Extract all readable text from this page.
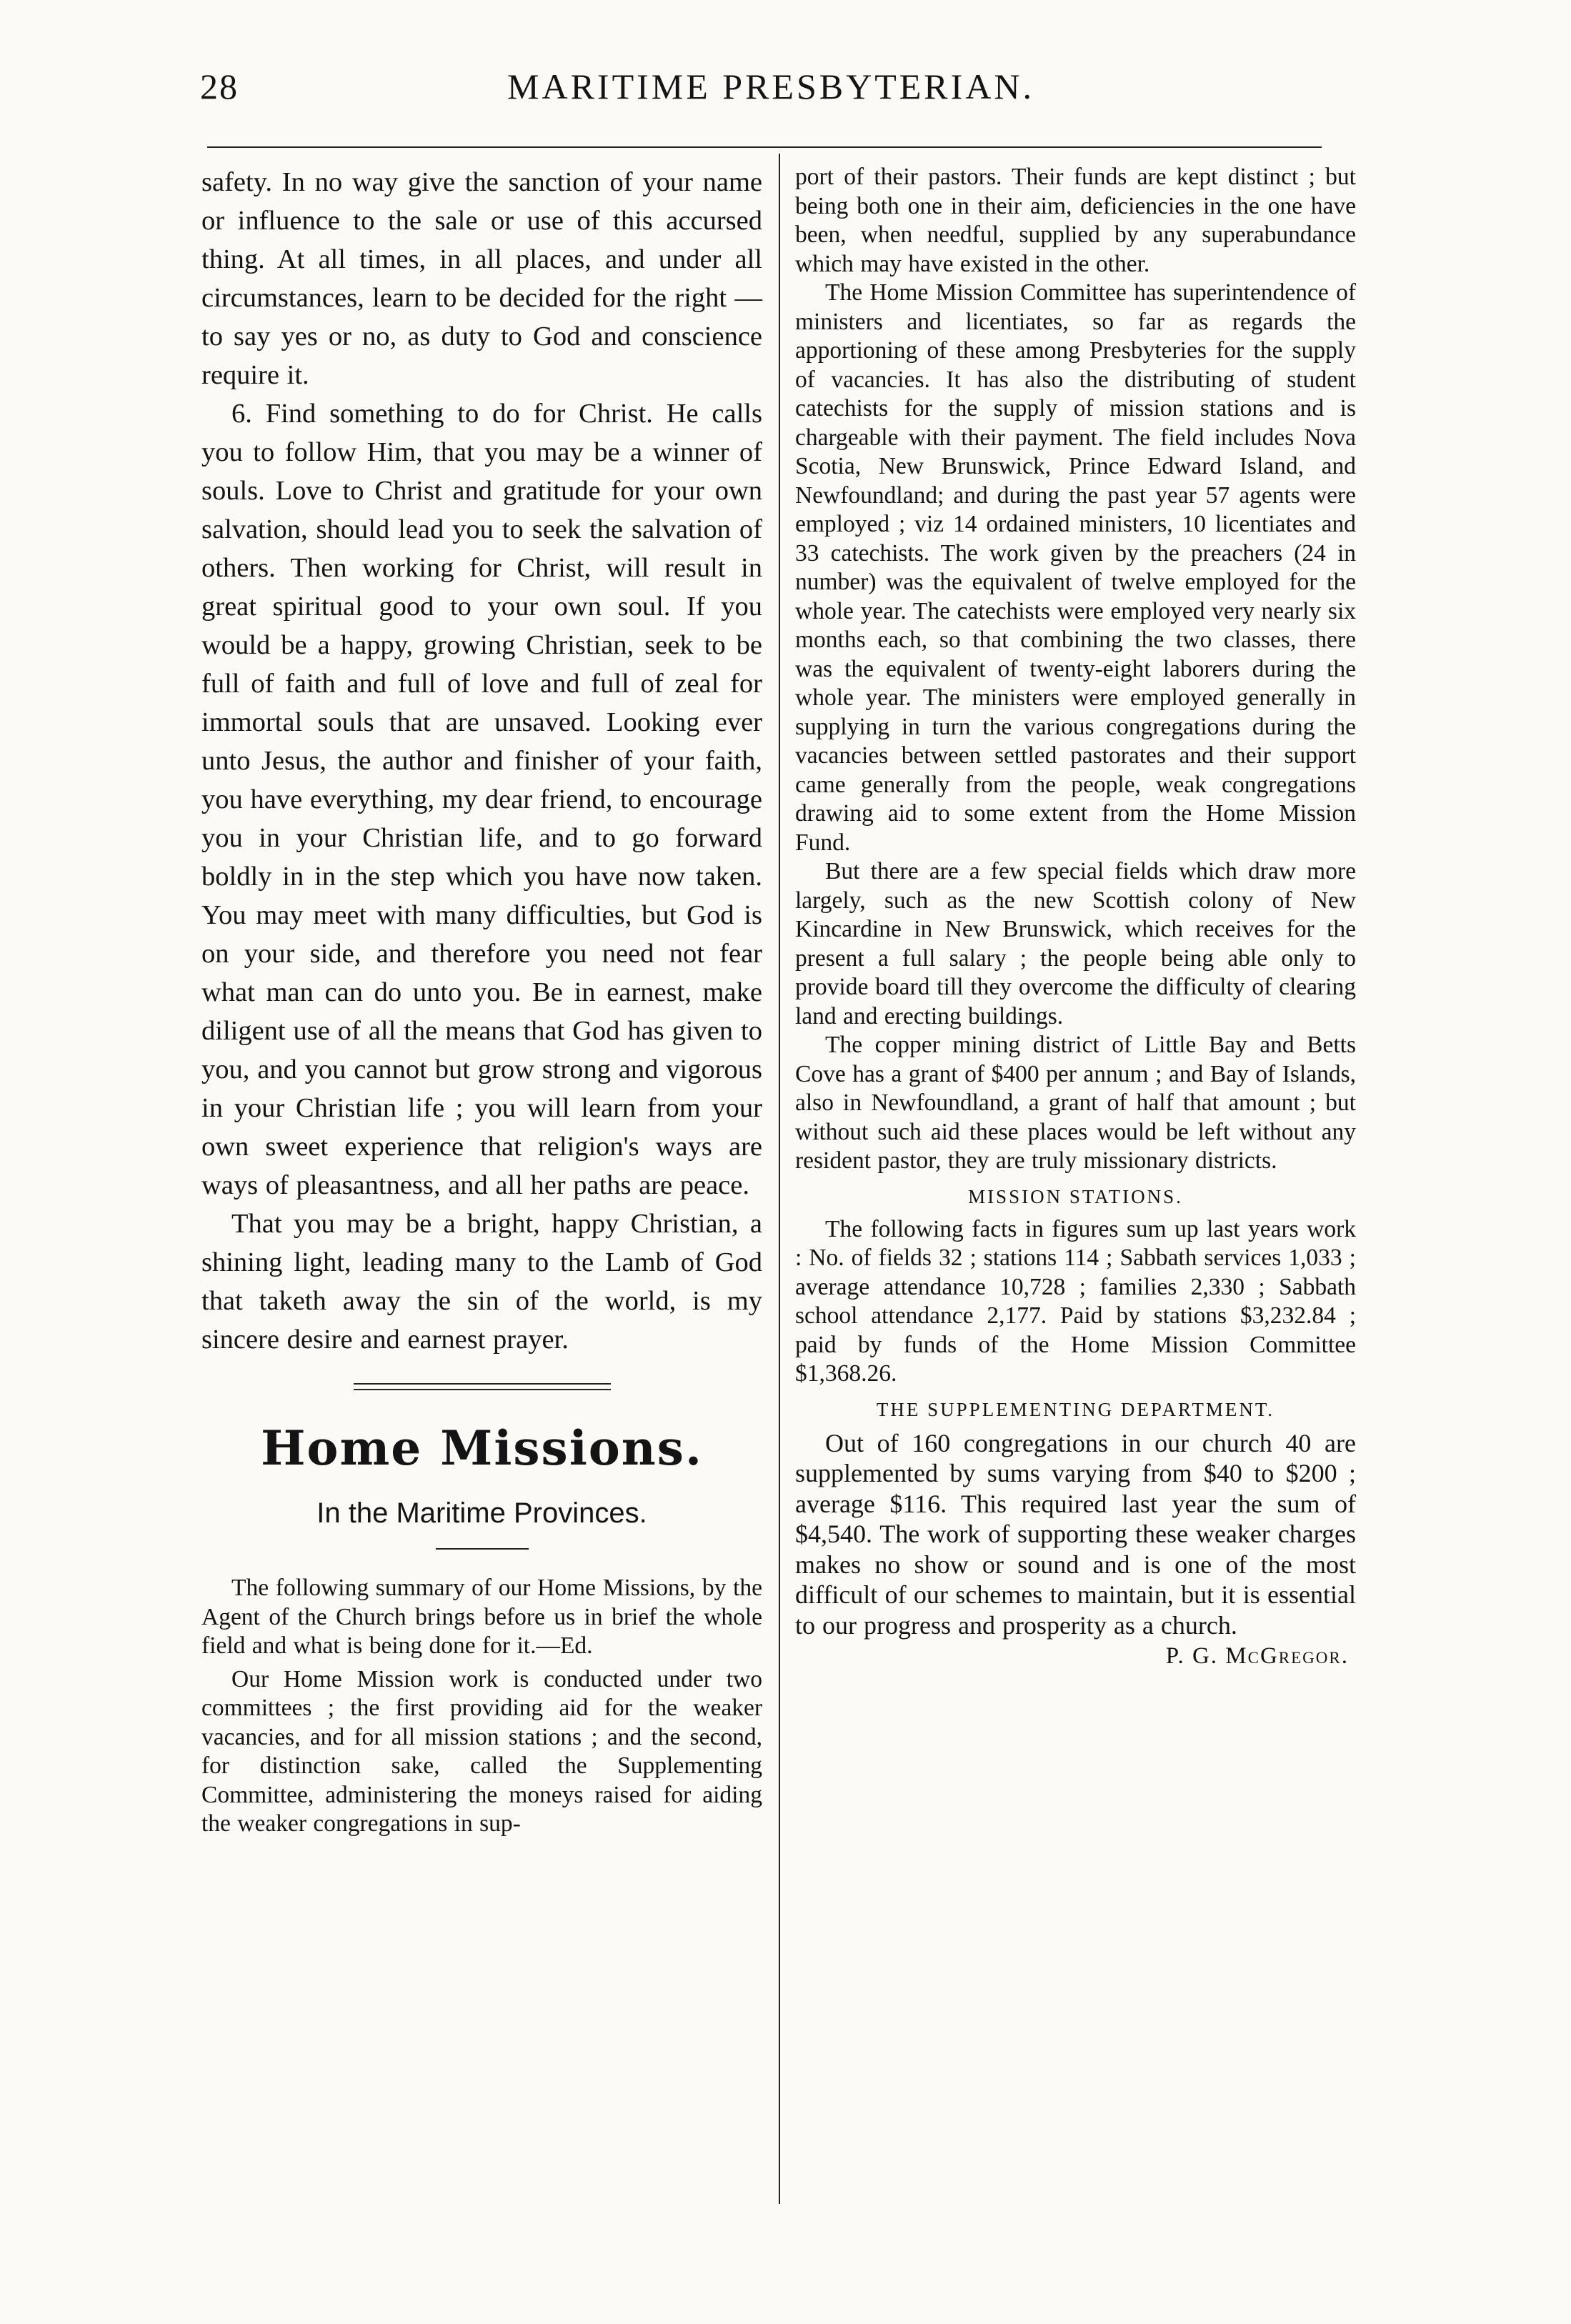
28	MARITIME PRESBYTERIAN.

safety. In no way give the sanction of your name or influence to the sale or use of this accursed thing. At all times, in all places, and under all circumstances, learn to be decided for the right —to say yes or no, as duty to God and conscience require it.

6. Find something to do for Christ. He calls you to follow Him, that you may be a winner of souls. Love to Christ and gratitude for your own salvation, should lead you to seek the salvation of others. Then working for Christ, will result in great spiritual good to your own soul. If you would be a happy, growing Christian, seek to be full of faith and full of love and full of zeal for immortal souls that are unsaved. Looking ever unto Jesus, the author and finisher of your faith, you have everything, my dear friend, to encourage you in your Christian life, and to go forward boldly in in the step which you have now taken. You may meet with many difficulties, but God is on your side, and therefore you need not fear what man can do unto you. Be in earnest, make diligent use of all the means that God has given to you, and you cannot but grow strong and vigorous in your Christian life ; you will learn from your own sweet experience that religion's ways are ways of pleasantness, and all her paths are peace.

That you may be a bright, happy Christian, a shining light, leading many to the Lamb of God that taketh away the sin of the world, is my sincere desire and earnest prayer.

Home Missions.
In the Maritime Provinces.

The following summary of our Home Missions, by the Agent of the Church brings before us in brief the whole field and what is being done for it.—Ed.

Our Home Mission work is conducted under two committees ; the first providing aid for the weaker vacancies, and for all mission stations ; and the second, for distinction sake, called the Supplementing Committee, administering the moneys raised for aiding the weaker congregations in sup-

port of their pastors. Their funds are kept distinct ; but being both one in their aim, deficiencies in the one have been, when needful, supplied by any superabundance which may have existed in the other.

The Home Mission Committee has superintendence of ministers and licentiates, so far as regards the apportioning of these among Presbyteries for the supply of vacancies. It has also the distributing of student catechists for the supply of mission stations and is chargeable with their payment. The field includes Nova Scotia, New Brunswick, Prince Edward Island, and Newfoundland; and during the past year 57 agents were employed ; viz 14 ordained ministers, 10 licentiates and 33 catechists. The work given by the preachers (24 in number) was the equivalent of twelve employed for the whole year. The catechists were employed very nearly six months each, so that combining the two classes, there was the equivalent of twenty-eight laborers during the whole year. The ministers were employed generally in supplying in turn the various congregations during the vacancies between settled pastorates and their support came generally from the people, weak congregations drawing aid to some extent from the Home Mission Fund.

But there are a few special fields which draw more largely, such as the new Scottish colony of New Kincardine in New Brunswick, which receives for the present a full salary ; the people being able only to provide board till they overcome the difficulty of clearing land and erecting buildings.

The copper mining district of Little Bay and Betts Cove has a grant of $400 per annum ; and Bay of Islands, also in Newfoundland, a grant of half that amount ; but without such aid these places would be left without any resident pastor, they are truly missionary districts.

MISSION STATIONS.

The following facts in figures sum up last years work : No. of fields 32 ; stations 114 ; Sabbath services 1,033 ; average attendance 10,728 ; families 2,330 ; Sabbath school attendance 2,177. Paid by stations $3,232.84 ; paid by funds of the Home Mission Committee $1,368.26.

THE SUPPLEMENTING DEPARTMENT.

Out of 160 congregations in our church 40 are supplemented by sums varying from $40 to $200 ; average $116. This required last year the sum of $4,540. The work of supporting these weaker charges makes no show or sound and is one of the most difficult of our schemes to maintain, but it is essential to our progress and prosperity as a church.

P. G. McGregor.
